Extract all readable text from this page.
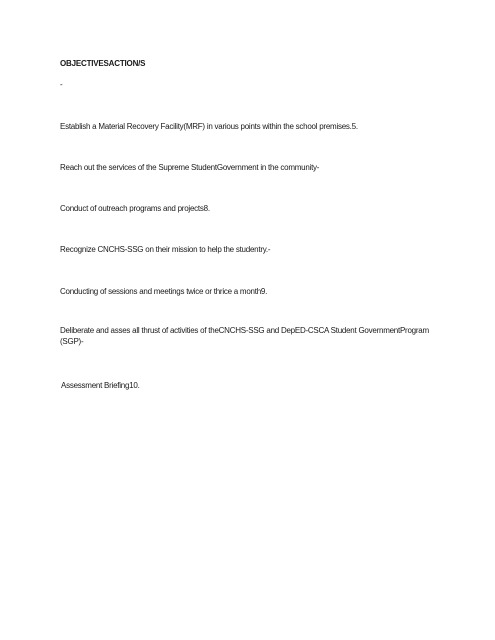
OBJECTIVESACTION/S
-
Establish a Material Recovery Facility(MRF) in various points within the school premises.5.
Reach out the services of the Supreme StudentGovernment in the community-
Conduct of outreach programs and projects8.
Recognize CNCHS-SSG on their mission to help the studentry.-
Conducting of sessions and meetings twice or thrice a month9.
Deliberate and asses all thrust of activities of theCNCHS-SSG and DepED-CSCA Student GovernmentProgram (SGP)-
Assessment Briefing10.
